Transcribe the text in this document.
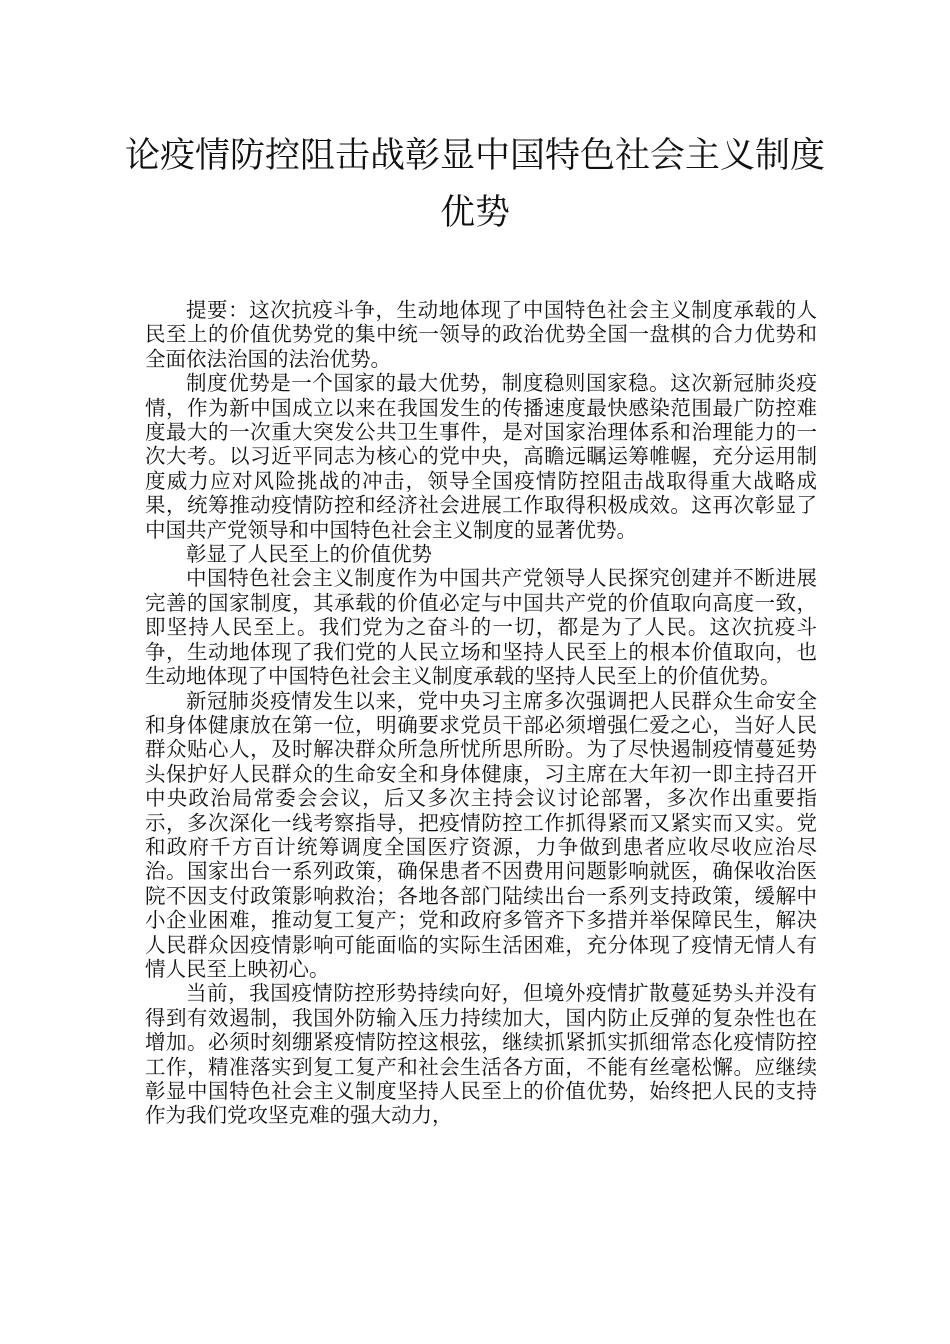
论疫情防控阻击战彰显中国特色社会主义制度优势

提要：这次抗疫斗争，生动地体现了中国特色社会主义制度承载的人民至上的价值优势党的集中统一领导的政治优势全国一盘棋的合力优势和全面依法治国的法治优势。

制度优势是一个国家的最大优势，制度稳则国家稳。这次新冠肺炎疫情，作为新中国成立以来在我国发生的传播速度最快感染范围最广防控难度最大的一次重大突发公共卫生事件，是对国家治理体系和治理能力的一次大考。以习近平同志为核心的党中央，高瞻远瞩运筹帷幄，充分运用制度威力应对风险挑战的冲击，领导全国疫情防控阻击战取得重大战略成果，统筹推动疫情防控和经济社会进展工作取得积极成效。这再次彰显了中国共产党领导和中国特色社会主义制度的显著优势。

彰显了人民至上的价值优势

中国特色社会主义制度作为中国共产党领导人民探究创建并不断进展完善的国家制度，其承载的价值必定与中国共产党的价值取向高度一致，即坚持人民至上。我们党为之奋斗的一切，都是为了人民。这次抗疫斗争，生动地体现了我们党的人民立场和坚持人民至上的根本价值取向，也生动地体现了中国特色社会主义制度承载的坚持人民至上的价值优势。

新冠肺炎疫情发生以来，党中央习主席多次强调把人民群众生命安全和身体健康放在第一位，明确要求党员干部必须增强仁爱之心，当好人民群众贴心人，及时解决群众所急所忧所思所盼。为了尽快遏制疫情蔓延势头保护好人民群众的生命安全和身体健康，习主席在大年初一即主持召开中央政治局常委会会议，后又多次主持会议讨论部署，多次作出重要指示，多次深化一线考察指导，把疫情防控工作抓得紧而又紧实而又实。党和政府千方百计统筹调度全国医疗资源，力争做到患者应收尽收应治尽治。国家出台一系列政策，确保患者不因费用问题影响就医，确保收治医院不因支付政策影响救治；各地各部门陆续出台一系列支持政策，缓解中小企业困难，推动复工复产；党和政府多管齐下多措并举保障民生，解决人民群众因疫情影响可能面临的实际生活困难，充分体现了疫情无情人有情人民至上映初心。

当前，我国疫情防控形势持续向好，但境外疫情扩散蔓延势头并没有得到有效遏制，我国外防输入压力持续加大，国内防止反弹的复杂性也在增加。必须时刻绷紧疫情防控这根弦，继续抓紧抓实抓细常态化疫情防控工作，精准落实到复工复产和社会生活各方面，不能有丝毫松懈。应继续彰显中国特色社会主义制度坚持人民至上的价值优势，始终把人民的支持作为我们党攻坚克难的强大动力，
